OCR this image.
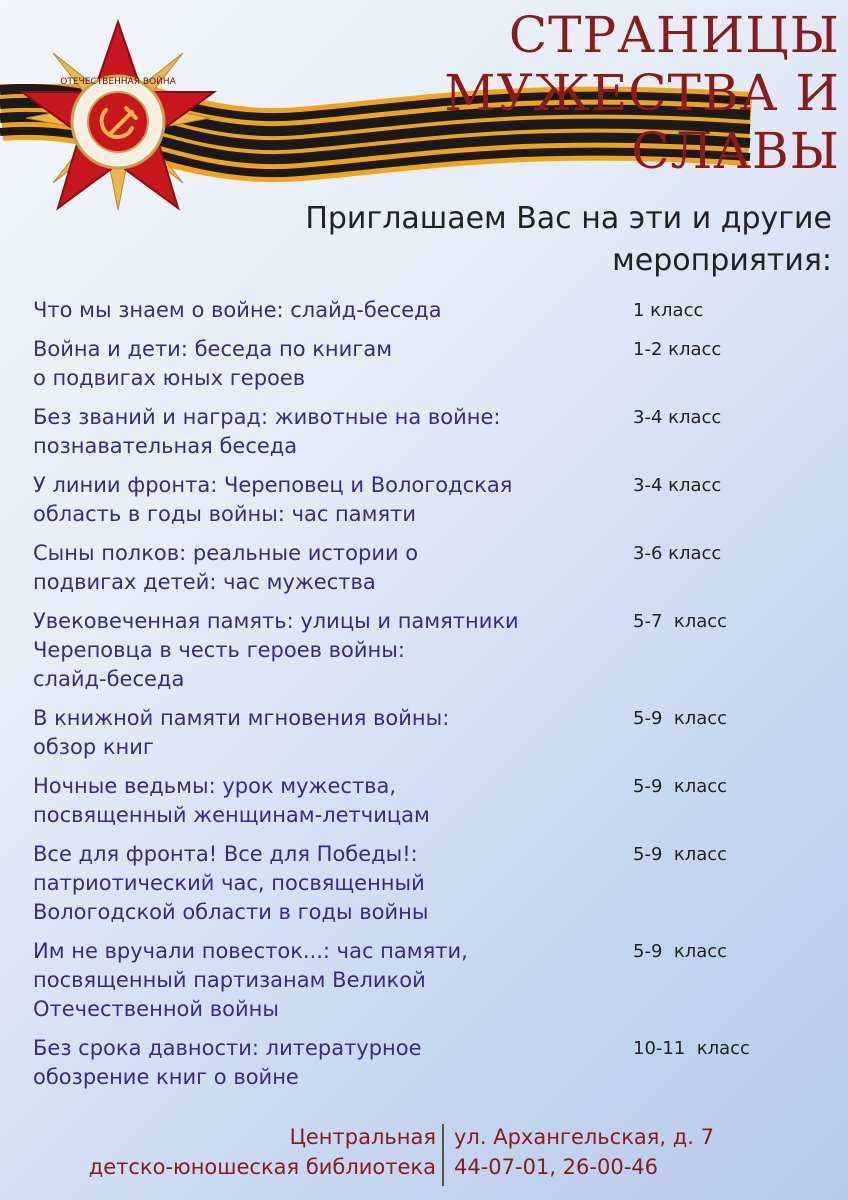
ОТЕЧЕСТВЕННАЯ ВОЙНА
СТРАНИЦЫ
МУЖЕСТВА И СЛАВЫ
Приглашаем Вас на эти и другие
мероприятия:
Что мы знаем о войне: слайд-беседа	1 класс
Война и дети: беседа по книгам
о подвигах юных героев
1-2 класс
Без званий и наград: животные на войне:
познавательная беседа
3-4 класс
У линии фронта: Череповец и Вологодская
область в годы войны: час памяти
3-4 класс
Сыны полков: реальные истории о
подвигах детей: час мужества
3-6 класс
Увековеченная память: улицы и памятники
Череповца в честь героев войны:
слайд-беседа
5-7  класс
В книжной памяти мгновения войны:
обзор книг
5-9  класс
Ночные ведьмы: урок мужества,
посвященный женщинам-летчицам
5-9  класс
Все для фронта! Все для Победы!:
патриотический час, посвященный
Вологодской области в годы войны
5-9  класс
Им не вручали повесток...: час памяти,
посвященный партизанам Великой
Отечественной войны
5-9  класс
Без срока давности: литературное
обозрение книг о войне
10-11  класс
Центральная
детско-юношеская библиотека
ул. Архангельская, д. 7
44-07-01, 26-00-46
